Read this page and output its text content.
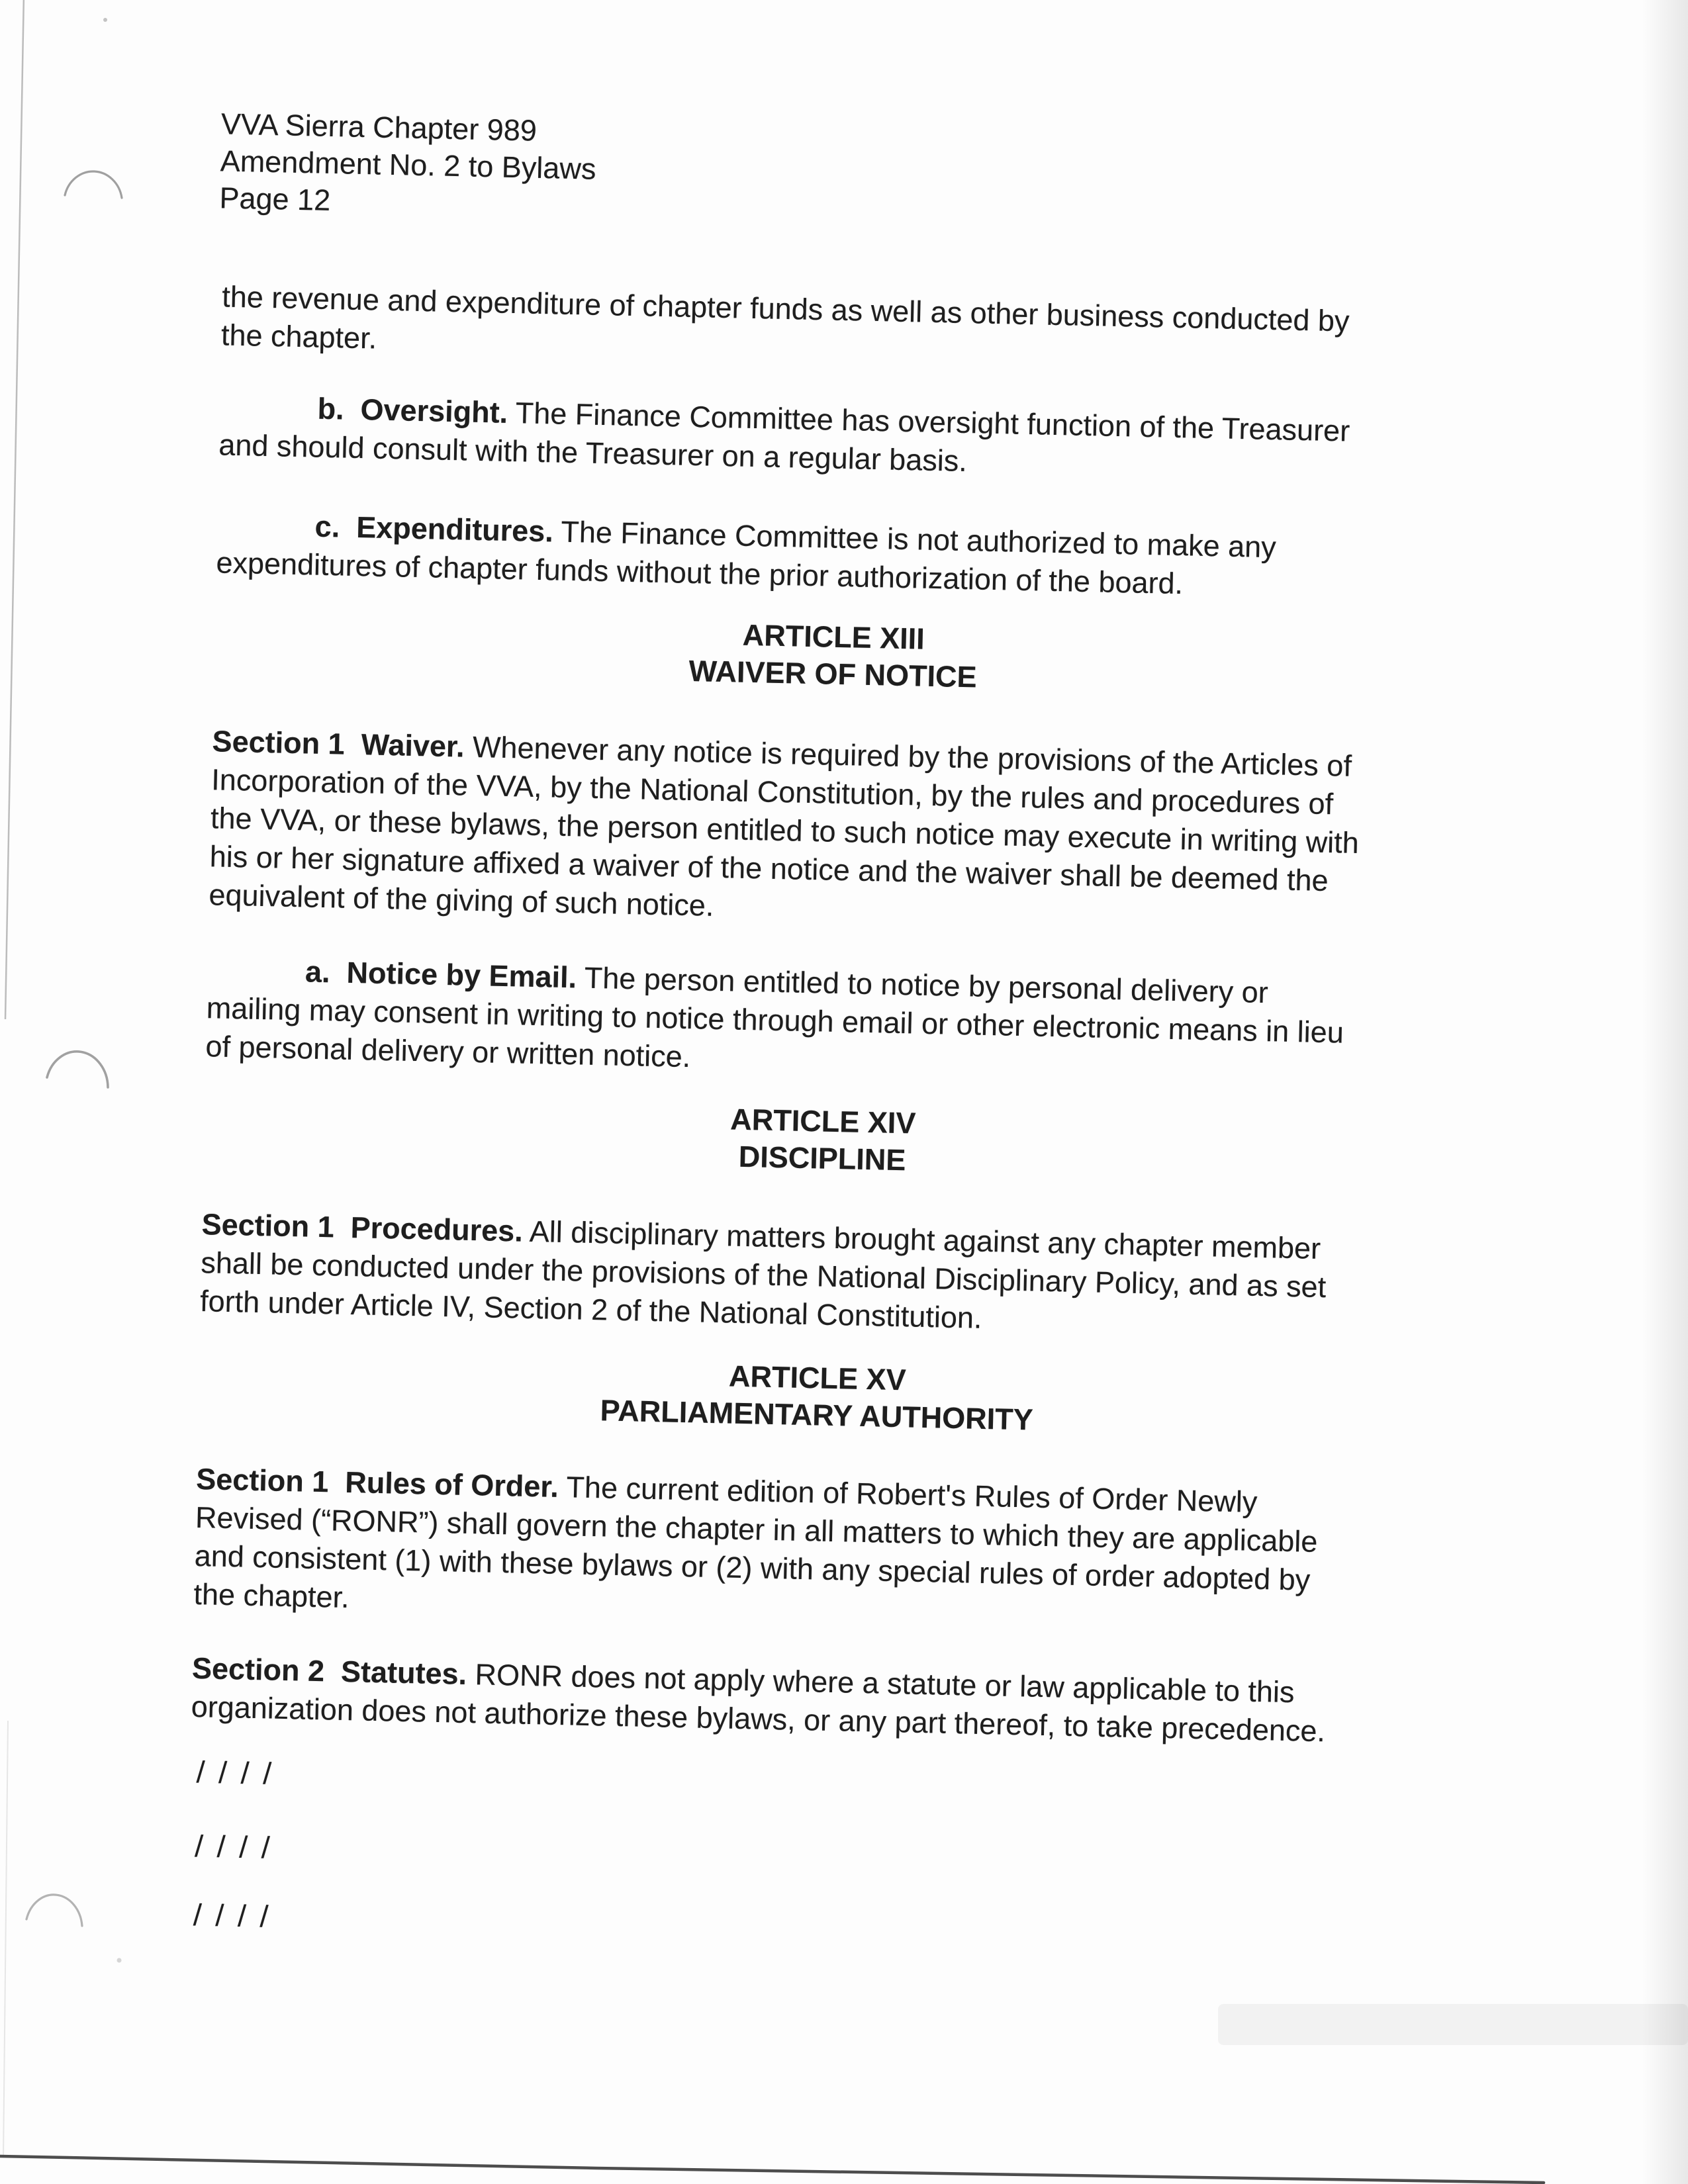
VVA Sierra Chapter 989
Amendment No. 2 to Bylaws
Page 12

the revenue and expenditure of chapter funds as well as other business conducted by
the chapter.

b.  Oversight. The Finance Committee has oversight function of the Treasurer
and should consult with the Treasurer on a regular basis.

c.  Expenditures. The Finance Committee is not authorized to make any
expenditures of chapter funds without the prior authorization of the board.

ARTICLE XIII
WAIVER OF NOTICE

Section 1  Waiver. Whenever any notice is required by the provisions of the Articles of
Incorporation of the VVA, by the National Constitution, by the rules and procedures of
the VVA, or these bylaws, the person entitled to such notice may execute in writing with
his or her signature affixed a waiver of the notice and the waiver shall be deemed the
equivalent of the giving of such notice.

a.  Notice by Email. The person entitled to notice by personal delivery or
mailing may consent in writing to notice through email or other electronic means in lieu
of personal delivery or written notice.

ARTICLE XIV
DISCIPLINE

Section 1  Procedures. All disciplinary matters brought against any chapter member
shall be conducted under the provisions of the National Disciplinary Policy, and as set
forth under Article IV, Section 2 of the National Constitution.

ARTICLE XV
PARLIAMENTARY AUTHORITY

Section 1  Rules of Order. The current edition of Robert's Rules of Order Newly
Revised (“RONR”) shall govern the chapter in all matters to which they are applicable
and consistent (1) with these bylaws or (2) with any special rules of order adopted by
the chapter.

Section 2  Statutes. RONR does not apply where a statute or law applicable to this
organization does not authorize these bylaws, or any part thereof, to take precedence.

/ / / /
/ / / /
/ / / /
